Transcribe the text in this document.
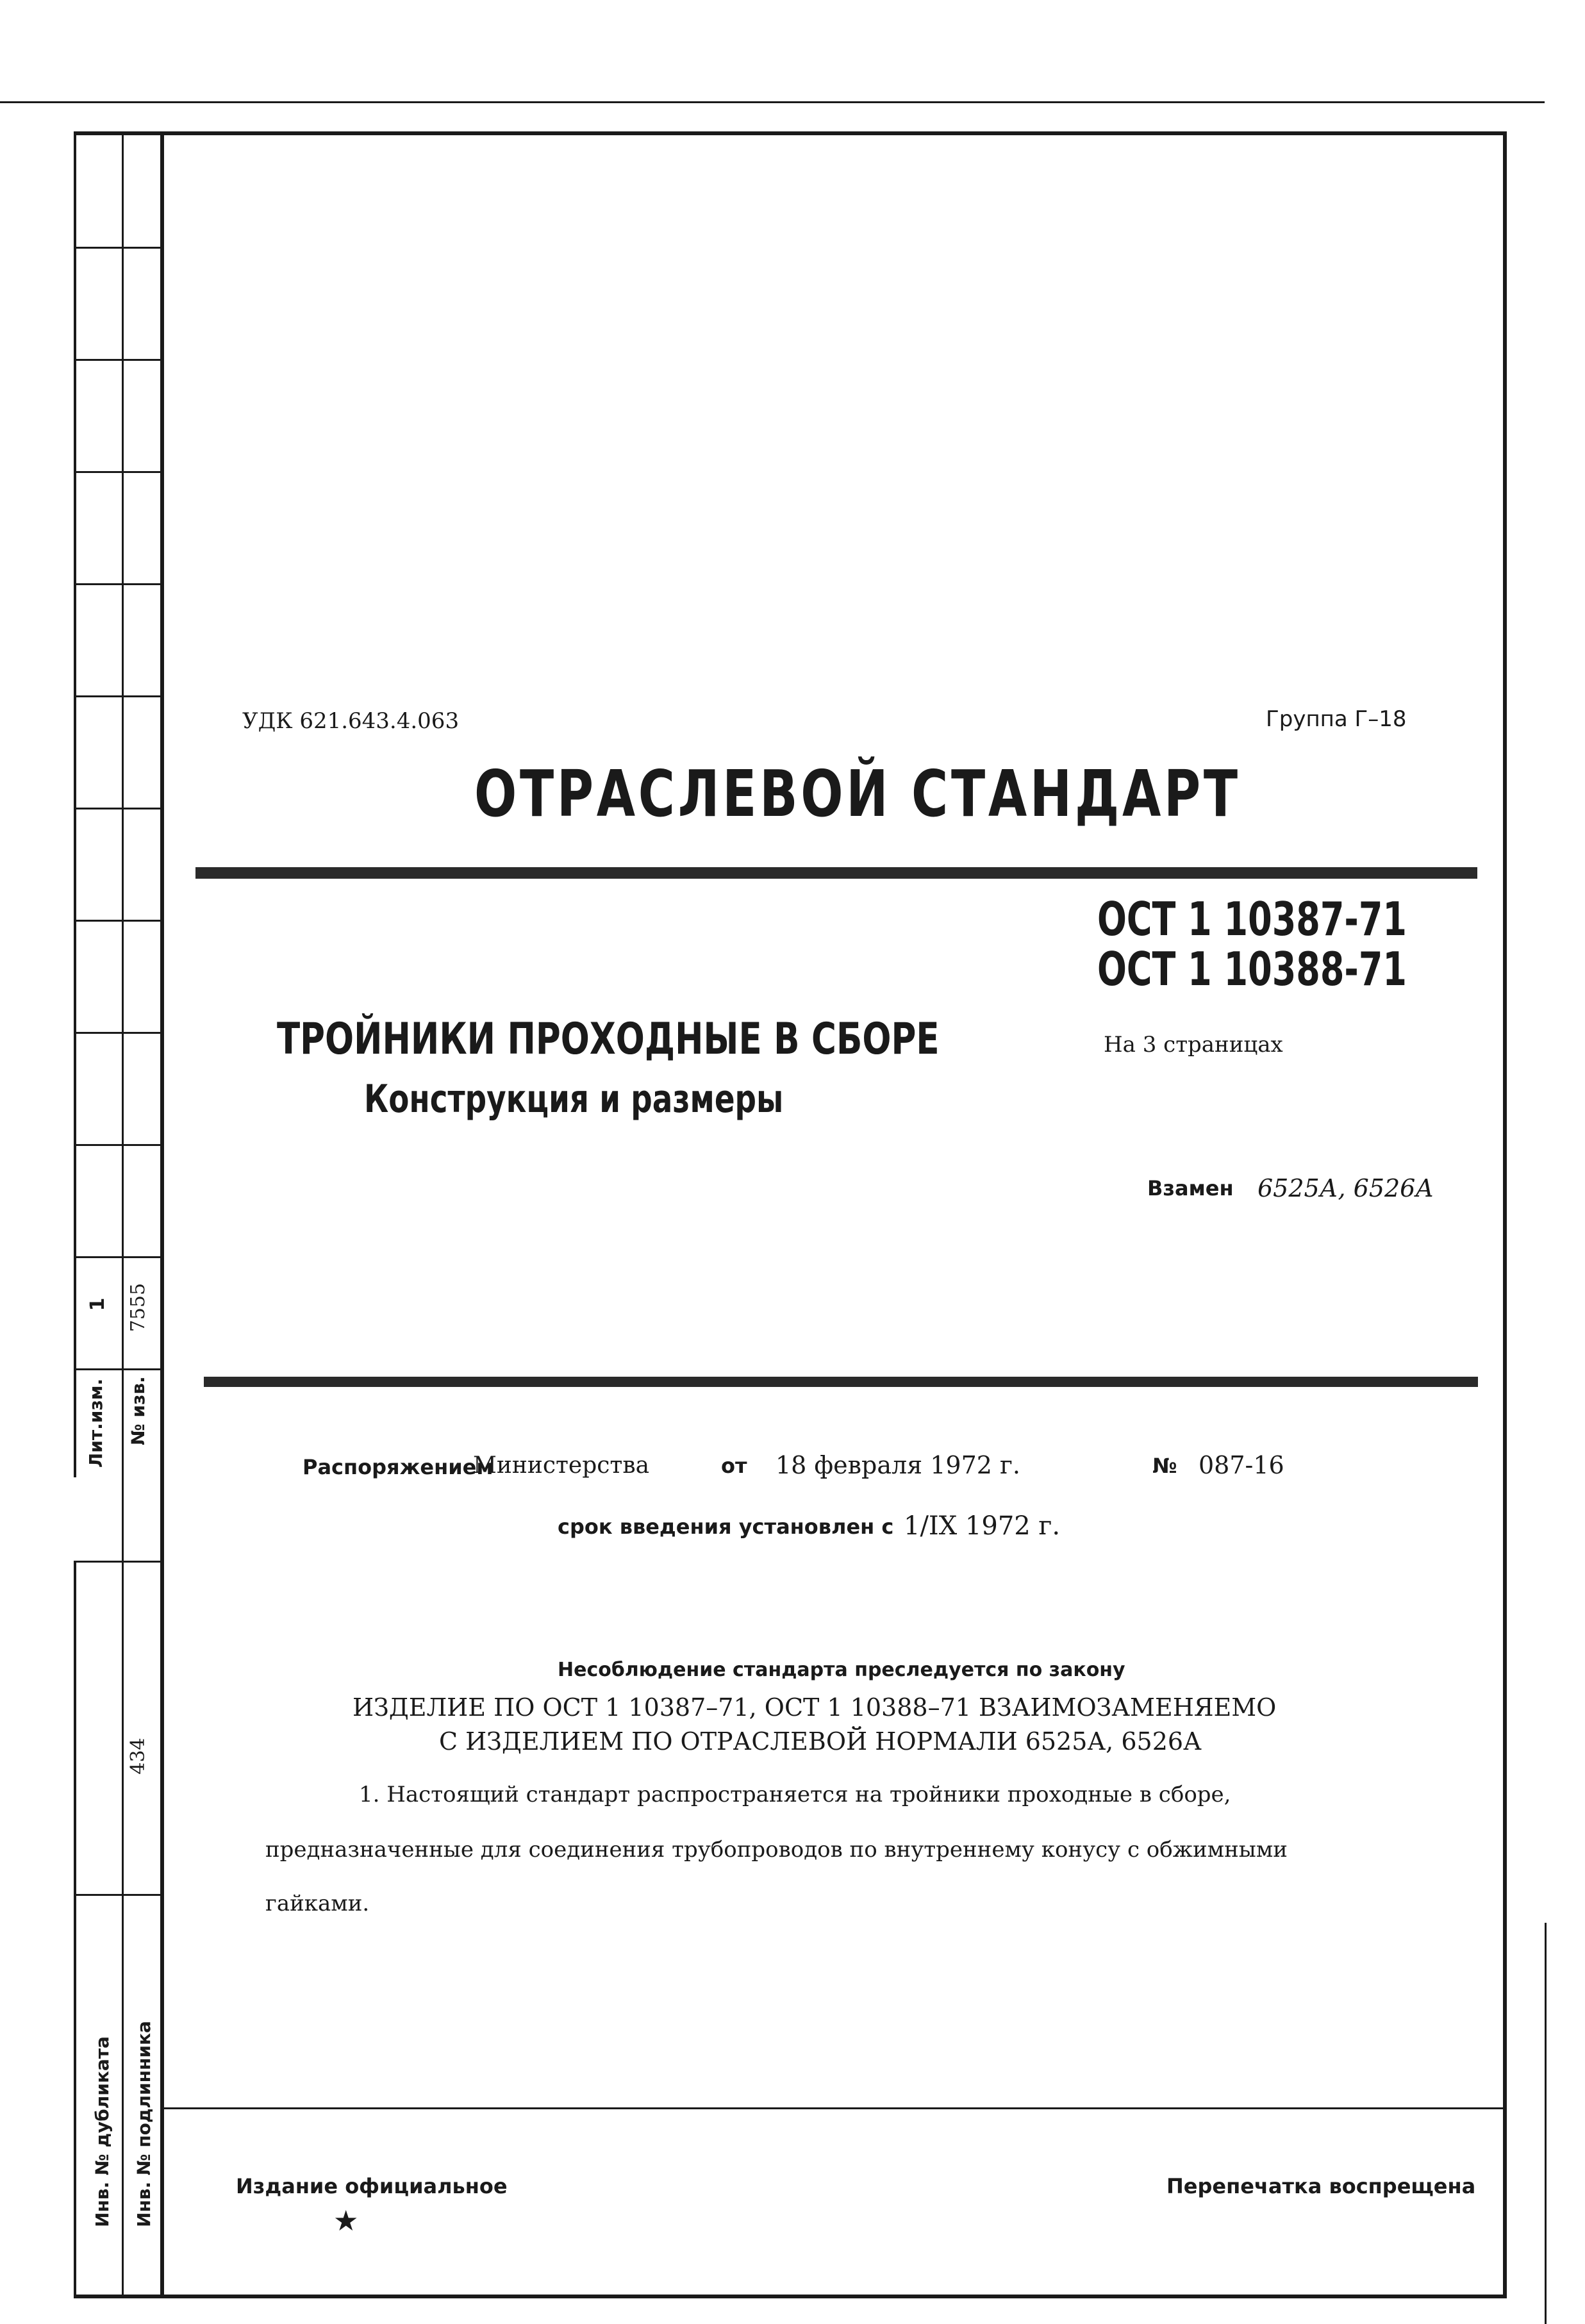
Лит.изм.
1
№ изв.
7555
434
Инв. № дубликата Инв. № подлинника
УДК 621.643.4.063	Группа Г–18
ОТРАСЛЕВОЙ СТАНДАРТ
ОСТ 1 10387-71
ОСТ 1 10388-71
ТРОЙНИКИ ПРОХОДНЫЕ В СБОРЕ
Конструкция и размеры
На 3 страницах
Взамен 6525А, 6526А
Распоряжением
Министерства	от 18 февраля 1972 г.	№ 087-16
срок введения установлен с 1/IX 1972 г.
Несоблюдение стандарта преследуется по закону
ИЗДЕЛИЕ ПО ОСТ 1 10387–71, ОСТ 1 10388–71 ВЗАИМОЗАМЕНЯЕМО
С ИЗДЕЛИЕМ ПО ОТРАСЛЕВОЙ НОРМАЛИ 6525А, 6526А
1. Настоящий стандарт распространяется на тройники проходные в сборе,
предназначенные для соединения трубопроводов по внутреннему конусу с обжимными
гайками.
Издание официальное
★
Перепечатка воспрещена
